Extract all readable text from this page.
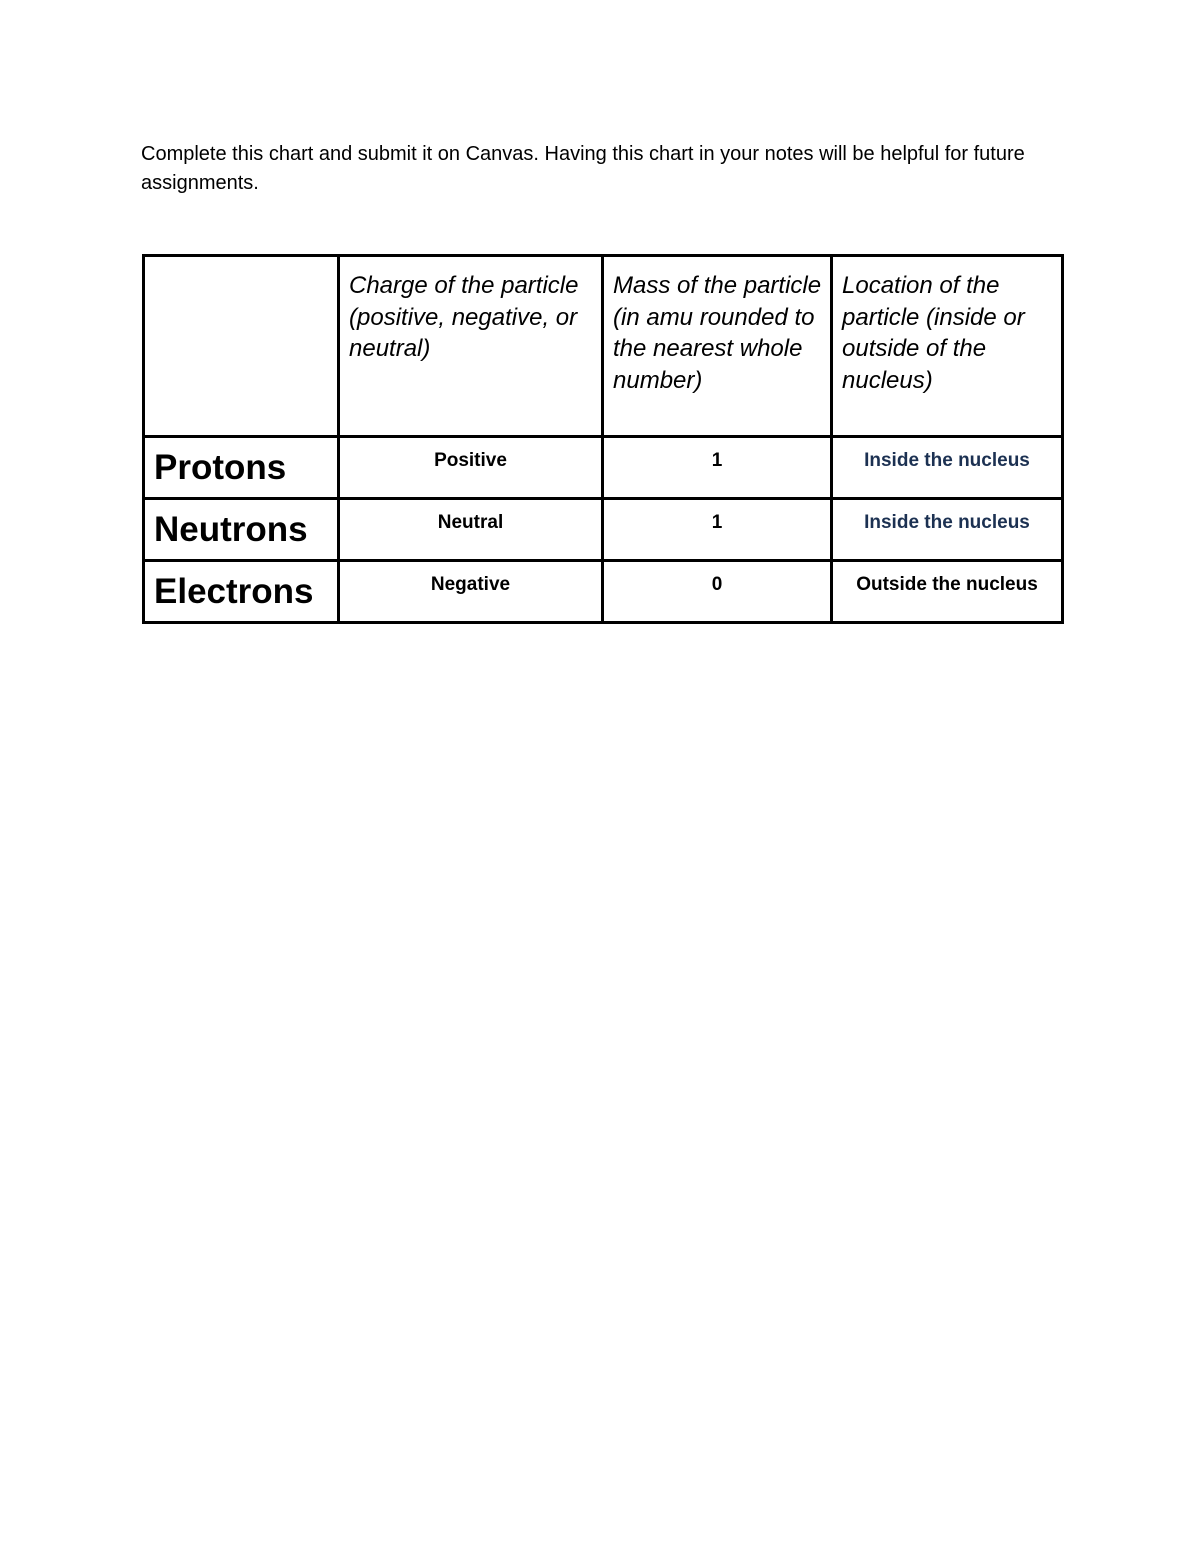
Complete this chart and submit it on Canvas. Having this chart in your notes will be helpful for future assignments.

	Charge of the particle (positive, negative, or neutral)	Mass of the particle (in amu rounded to the nearest whole number)	Location of the particle (inside or outside of the nucleus)
Protons	Positive	1	Inside the nucleus
Neutrons	Neutral	1	Inside the nucleus
Electrons	Negative	0	Outside the nucleus
